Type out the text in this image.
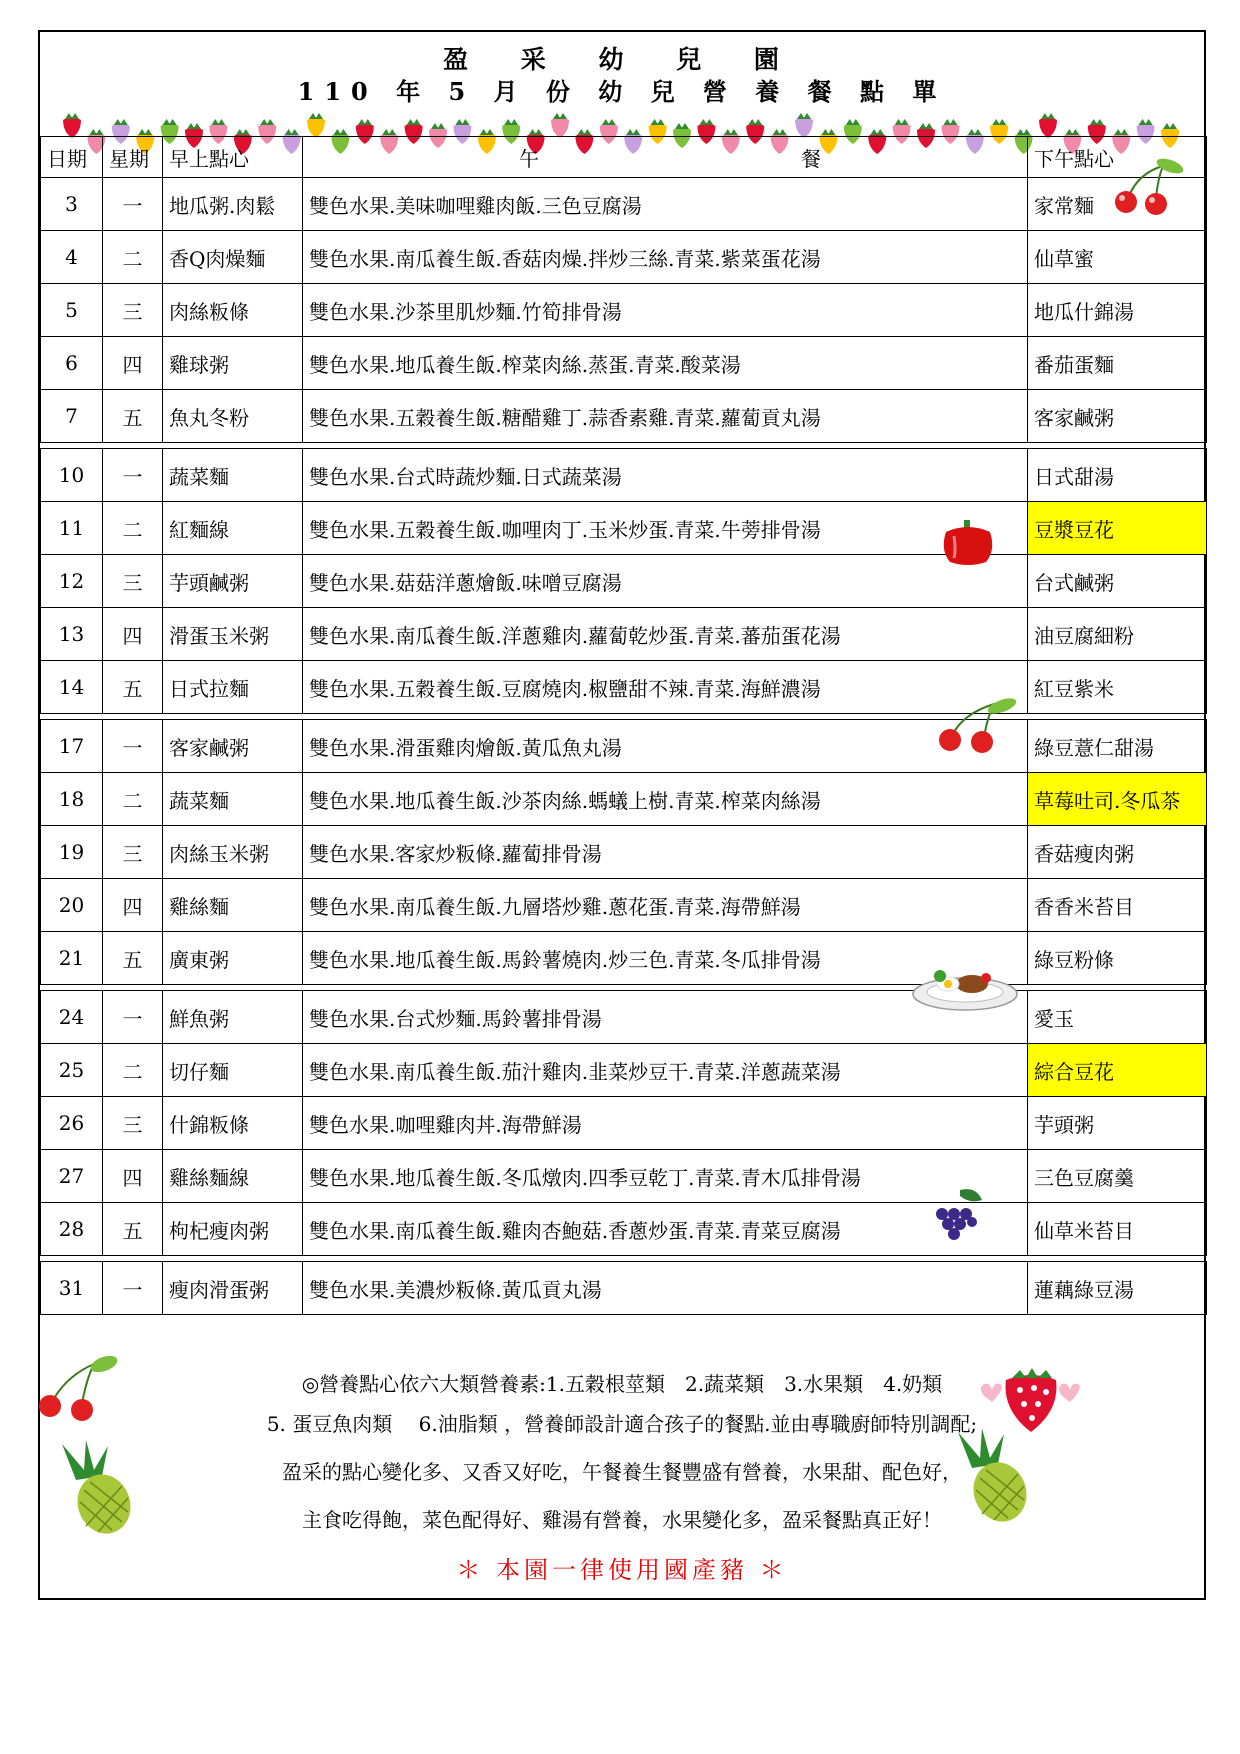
盈 采 幼 兒 園
110 年 5 月 份 幼 兒 營 養 餐 點 單
日期	星期	早上點心	午 餐	下午點心
3	一	地瓜粥.肉鬆	雙色水果.美味咖哩雞肉飯.三色豆腐湯	家常麵
4	二	香Q肉燥麵	雙色水果.南瓜養生飯.香菇肉燥.拌炒三絲.青菜.紫菜蛋花湯	仙草蜜
5	三	肉絲粄條	雙色水果.沙茶里肌炒麵.竹筍排骨湯	地瓜什錦湯
6	四	雞球粥	雙色水果.地瓜養生飯.榨菜肉絲.蒸蛋.青菜.酸菜湯	番茄蛋麵
7	五	魚丸冬粉	雙色水果.五穀養生飯.糖醋雞丁.蒜香素雞.青菜.蘿蔔貢丸湯	客家鹹粥

10	一	蔬菜麵	雙色水果.台式時蔬炒麵.日式蔬菜湯	日式甜湯
11	二	紅麵線	雙色水果.五穀養生飯.咖哩肉丁.玉米炒蛋.青菜.牛蒡排骨湯	豆漿豆花
12	三	芋頭鹹粥	雙色水果.菇菇洋蔥燴飯.味噌豆腐湯	台式鹹粥
13	四	滑蛋玉米粥	雙色水果.南瓜養生飯.洋蔥雞肉.蘿蔔乾炒蛋.青菜.蕃茄蛋花湯	油豆腐細粉
14	五	日式拉麵	雙色水果.五穀養生飯.豆腐燒肉.椒鹽甜不辣.青菜.海鮮濃湯	紅豆紫米

17	一	客家鹹粥	雙色水果.滑蛋雞肉燴飯.黃瓜魚丸湯	綠豆薏仁甜湯
18	二	蔬菜麵	雙色水果.地瓜養生飯.沙茶肉絲.螞蟻上樹.青菜.榨菜肉絲湯	草莓吐司.冬瓜茶
19	三	肉絲玉米粥	雙色水果.客家炒粄條.蘿蔔排骨湯	香菇瘦肉粥
20	四	雞絲麵	雙色水果.南瓜養生飯.九層塔炒雞.蔥花蛋.青菜.海帶鮮湯	香香米苔目
21	五	廣東粥	雙色水果.地瓜養生飯.馬鈴薯燒肉.炒三色.青菜.冬瓜排骨湯	綠豆粉條

24	一	鮮魚粥	雙色水果.台式炒麵.馬鈴薯排骨湯	愛玉
25	二	切仔麵	雙色水果.南瓜養生飯.茄汁雞肉.韭菜炒豆干.青菜.洋蔥蔬菜湯	綜合豆花
26	三	什錦粄條	雙色水果.咖哩雞肉丼.海帶鮮湯	芋頭粥
27	四	雞絲麵線	雙色水果.地瓜養生飯.冬瓜燉肉.四季豆乾丁.青菜.青木瓜排骨湯	三色豆腐羹
28	五	枸杞瘦肉粥	雙色水果.南瓜養生飯.雞肉杏鮑菇.香蔥炒蛋.青菜.青菜豆腐湯	仙草米苔目

31	一	瘦肉滑蛋粥	雙色水果.美濃炒粄條.黃瓜貢丸湯	蓮藕綠豆湯
◎營養點心依六大類營養素:1.五穀根莖類　2.蔬菜類　3.水果類　4.奶類
5. 蛋豆魚肉類　 6.油脂類 ，營養師設計適合孩子的餐點.並由專職廚師特別調配;
盈采的點心變化多、又香又好吃，午餐養生餐豐盛有營養，水果甜、配色好，
主食吃得飽，菜色配得好、雞湯有營養，水果變化多，盈采餐點真正好！
＊ 本園一律使用國產豬 ＊
